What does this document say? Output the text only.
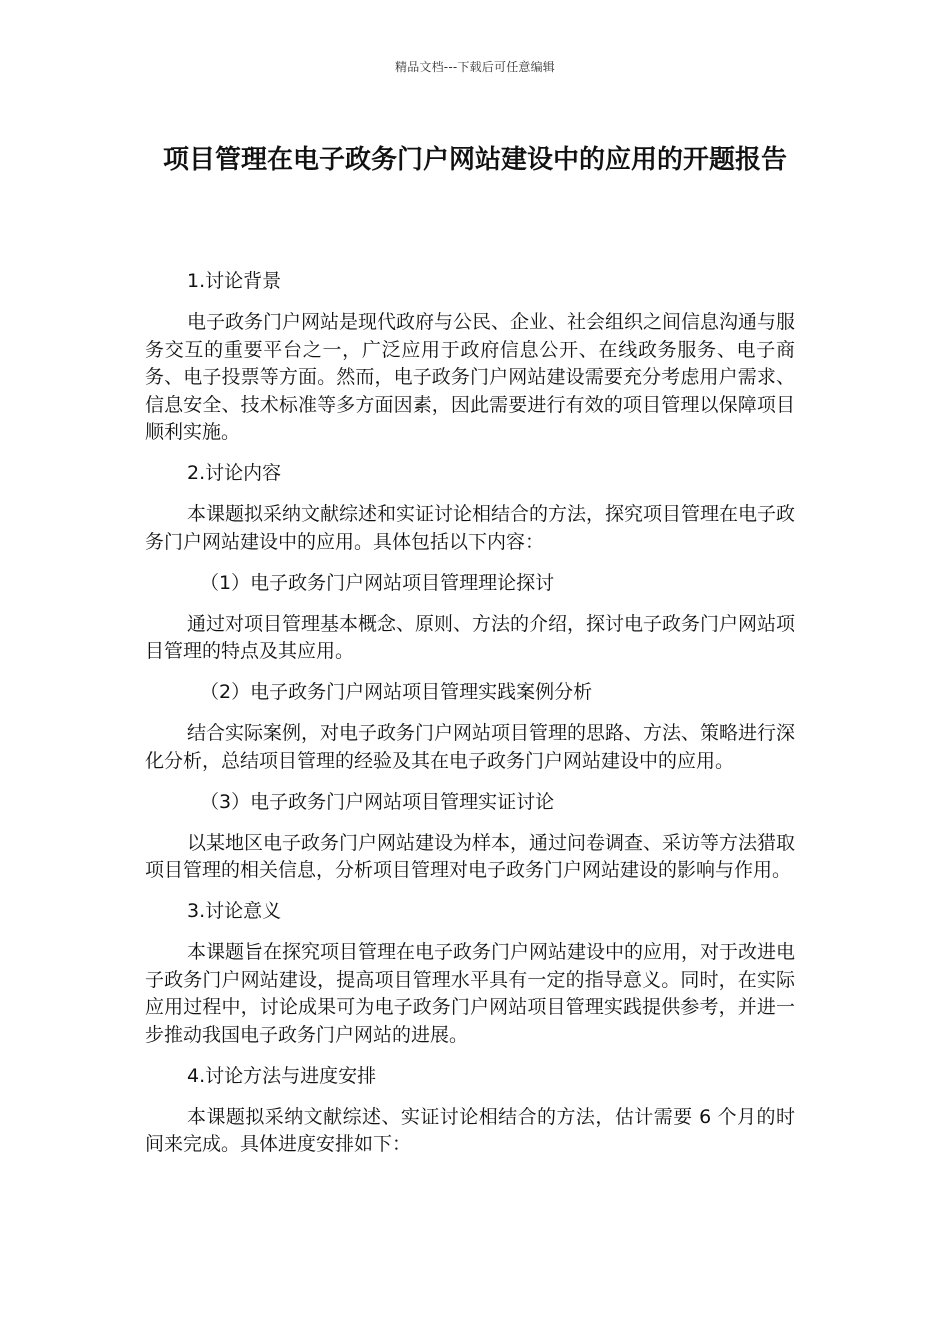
精品文档---下载后可任意编辑
项目管理在电子政务门户网站建设中的应用的开题报告

1.讨论背景

电子政务门户网站是现代政府与公民、企业、社会组织之间信息沟通与服务交互的重要平台之一，广泛应用于政府信息公开、在线政务服务、电子商务、电子投票等方面。然而，电子政务门户网站建设需要充分考虑用户需求、信息安全、技术标准等多方面因素，因此需要进行有效的项目管理以保障项目顺利实施。

2.讨论内容

本课题拟采纳文献综述和实证讨论相结合的方法，探究项目管理在电子政务门户网站建设中的应用。具体包括以下内容：

（1）电子政务门户网站项目管理理论探讨

通过对项目管理基本概念、原则、方法的介绍，探讨电子政务门户网站项目管理的特点及其应用。

（2）电子政务门户网站项目管理实践案例分析

结合实际案例，对电子政务门户网站项目管理的思路、方法、策略进行深化分析，总结项目管理的经验及其在电子政务门户网站建设中的应用。

（3）电子政务门户网站项目管理实证讨论

以某地区电子政务门户网站建设为样本，通过问卷调查、采访等方法猎取项目管理的相关信息，分析项目管理对电子政务门户网站建设的影响与作用。

3.讨论意义

本课题旨在探究项目管理在电子政务门户网站建设中的应用，对于改进电子政务门户网站建设，提高项目管理水平具有一定的指导意义。同时，在实际应用过程中，讨论成果可为电子政务门户网站项目管理实践提供参考，并进一步推动我国电子政务门户网站的进展。

4.讨论方法与进度安排

本课题拟采纳文献综述、实证讨论相结合的方法，估计需要 6 个月的时间来完成。具体进度安排如下：
